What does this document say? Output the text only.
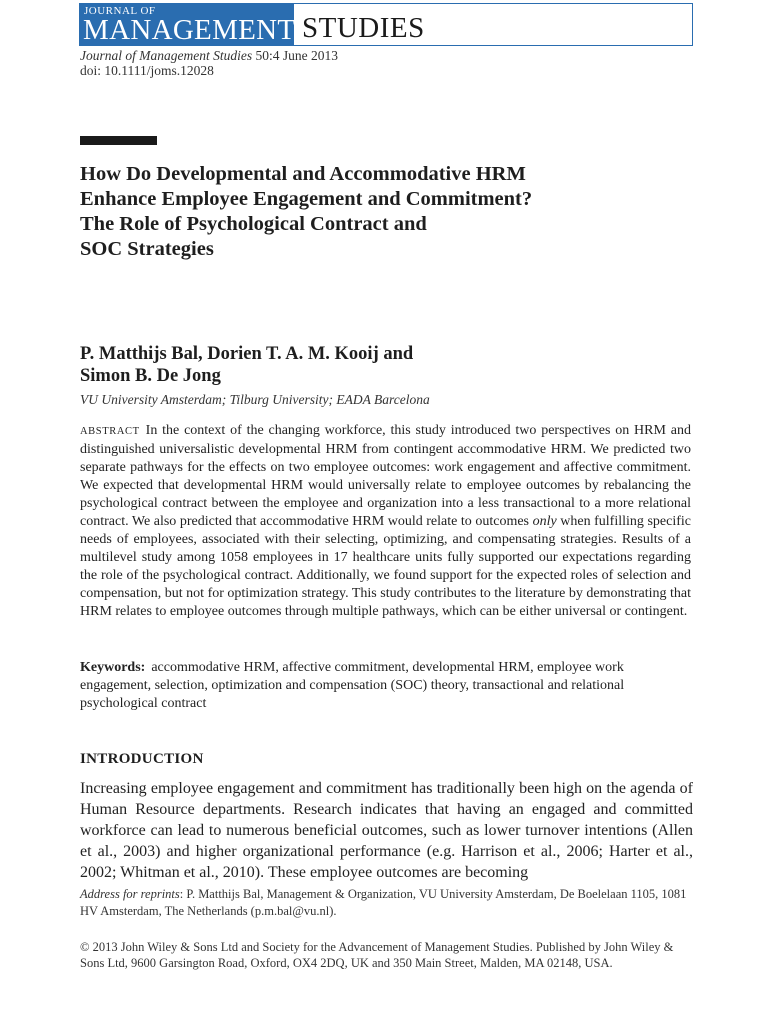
JOURNAL OF
MANAGEMENT STUDIES
Journal of Management Studies 50:4 June 2013
doi: 10.1111/joms.12028
How Do Developmental and Accommodative HRM
Enhance Employee Engagement and Commitment?
The Role of Psychological Contract and
SOC Strategies
P. Matthijs Bal, Dorien T. A. M. Kooij and
Simon B. De Jong
VU University Amsterdam; Tilburg University; EADA Barcelona

ABSTRACT In the context of the changing workforce, this study introduced two perspectives on HRM and distinguished universalistic developmental HRM from contingent accommodative HRM. We predicted two separate pathways for the effects on two employee outcomes: work engagement and affective commitment. We expected that developmental HRM would universally relate to employee outcomes by rebalancing the psychological contract between the employee and organization into a less transactional to a more relational contract. We also predicted that accommodative HRM would relate to outcomes only when fulfilling specific needs of employees, associated with their selecting, optimizing, and compensating strategies. Results of a multilevel study among 1058 employees in 17 healthcare units fully supported our expectations regarding the role of the psychological contract. Additionally, we found support for the expected roles of selection and compensation, but not for optimization strategy. This study contributes to the literature by demonstrating that HRM relates to employee outcomes through multiple pathways, which can be either universal or contingent.

Keywords: accommodative HRM, affective commitment, developmental HRM, employee work engagement, selection, optimization and compensation (SOC) theory, transactional and relational psychological contract

INTRODUCTION

Increasing employee engagement and commitment has traditionally been high on the agenda of Human Resource departments. Research indicates that having an engaged and committed workforce can lead to numerous beneficial outcomes, such as lower turnover intentions (Allen et al., 2003) and higher organizational performance (e.g. Harrison et al., 2006; Harter et al., 2002; Whitman et al., 2010). These employee outcomes are becoming

Address for reprints: P. Matthijs Bal, Management & Organization, VU University Amsterdam, De Boelelaan 1105, 1081 HV Amsterdam, The Netherlands (p.m.bal@vu.nl).

© 2013 John Wiley & Sons Ltd and Society for the Advancement of Management Studies. Published by John Wiley & Sons Ltd, 9600 Garsington Road, Oxford, OX4 2DQ, UK and 350 Main Street, Malden, MA 02148, USA.
